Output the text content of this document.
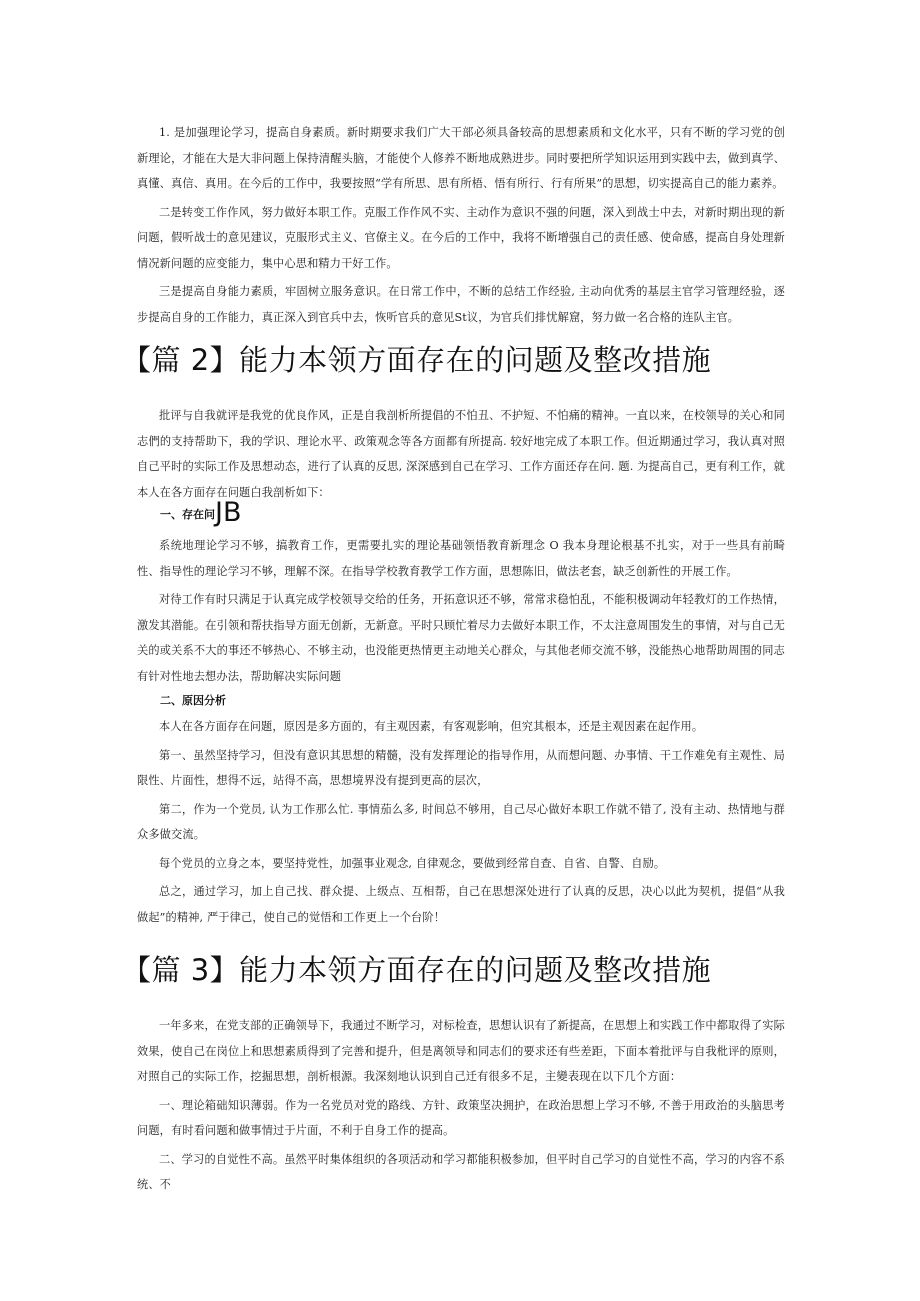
1. 是加强理论学习，提高自身素质。新时期要求我们广大干部必须具备较高的思想素质和文化水平，只有不断的学习党的创新理论，才能在大是大非问题上保持清醒头脑，才能使个人修养不断地成熟进步。同时要把所学知识运用到实践中去，做到真学、真懂、真信、真用。在今后的工作中，我要按照“学有所思、思有所梧、悟有所行、行有所果”的思想，切实提高自己的能力素养。

二是转变工作作风，努力做好本职工作。克服工作作风不实、主动作为意识不强的问题，深入到战士中去，对新时期出现的新问题，假听战士的意见建议，克服形式主义、官僚主义。在今后的工作中，我将不断增强自己的责任感、使命感，提高自身处理新情况新问题的应变能力，集中心思和精力干好工作。

三是提高自身能力素质，牢固树立服务意识。在日常工作中，不断的总结工作经验, 主动向优秀的基层主官学习管理经验，逐步提高自身的工作能力，真正深入到官兵中去，恢听官兵的意见St议，为官兵们排忧解窟，努力做一名合格的连队主官。

【篇 2】能力本领方面存在的问题及整改措施

批评与自我就评是我党的优良作风，正是自我剖析所提倡的不怕丑、不护短、不怕痛的精神。一直以来，在校领导的关心和同志們的支持帮助下，我的学识、理论水平、政策观念等各方面都有所提高. 较好地完成了本职工作。但近期通过学习，我认真对照自己平时的实际工作及思想动态，进行了认真的反思, 深深感到自己在学习、工作方面还存在问. 题. 为提高自己，更有利工作，就本人在各方面存在问题白我剖析如下：

一、存在问JB

系统地理论学习不够，搞教育工作，更需要扎实的理论基础领悟教育新理念 O 我本身理论根基不扎实，对于一些具有前畸性、指导性的理论学习不够，理解不深。在指导学校教育教学工作方面，思想陈旧，做法老套，缺乏创新性的开展工作。

对待工作有时只满足于认真完成学校领导交给的任务，开拓意识还不够，常常求稳怕乱，不能积极调动年轻教灯的工作热情，激发其潜能。在引领和帮扶指导方面无创新，无新意。平时只顾忙着尽力去做好本职工作，不太注意周围发生的事情，对与自己无关的或关系不大的事还不够热心、不够主动，也没能更热情更主动地关心群众，与其他老师交流不够，没能热心地帮助周围的同志有针对性地去想办法，帮助解决实际问题

二、原因分析

本人在各方面存在问题，原因是多方面的，有主观因素，有客观影响，但究其根本，还是主观因素在起作用。

第一、虽然坚持学习，但没有意识其思想的精髓，没有发挥理论的指导作用，从而想问题、办事情、干工作难免有主观性、局限性、片面性，想得不远，站得不高，思想境界没有提到更高的层次，

第二，作为一个党员, 认为工作那么忙. 事情茄么多, 时间总不够用，自己尽心做好本职工作就不错了, 没有主动、热情地与群众多做交流。

每个党员的立身之本，要坚持党性，加强事业观念, 自律观念，要做到经常自查、自省、自警、自励。

总之，通过学习，加上自己找、群众提、上级点、互相帮，自己在思想深处进行了认真的反思，决心以此为契机，提倡“从我做起”的精神, 严于律己，使自己的觉悟和工作更上一个台阶！

【篇 3】能力本领方面存在的问题及整改措施

一年多来，在党支部的正确领导下，我通过不断学习，对标检查，思想认识有了新提高，在思想上和实践工作中都取得了实际效果，使自己在岗位上和思想素质得到了完善和提升，但是离领导和同志们的要求还有些差距，下面本着批评与自我枇评的原则，对照自己的实际工作，挖掘思想，剖析根源。我深刻地认识到自己迁有很多不足，主變表现在以下几个方面：

一、理论箱础知识薄弱。作为一名党员对党的路线、方针、政策坚决拥护，在政治思想上学习不够, 不善于用政治的头脑思考问题，有时看问题和做事情过于片面，不利于自身工作的提高。

二、学习的自觉性不高。虽然平时集体组织的各项活动和学习都能积极参加，但平时自己学习的自觉性不高，学习的内容不系统、不
